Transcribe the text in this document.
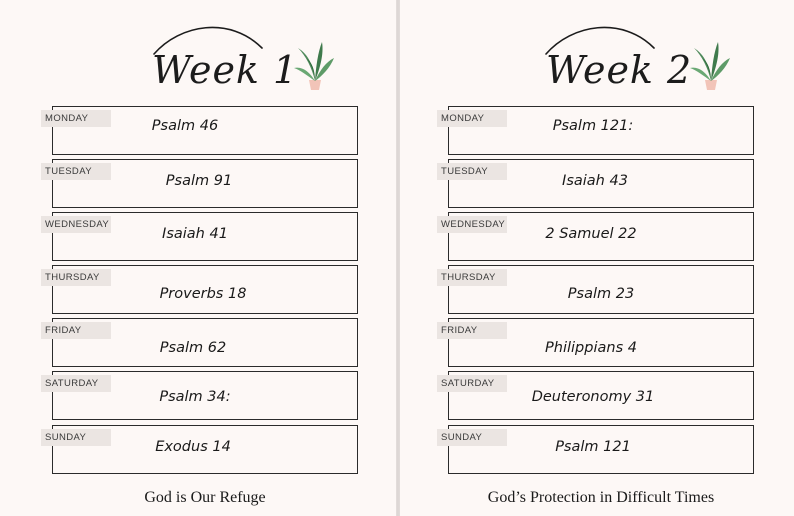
Week 1
MONDAY	Psalm 46
TUESDAY
Psalm 91
WEDNESDAY
Isaiah 41
THURSDAY
Proverbs 18
FRIDAY
Psalm 62
SATURDAY
Psalm 34:
SUNDAY
Exodus 14
God is Our Refuge
Week 2
MONDAY	Psalm 121:
TUESDAY
Isaiah 43
WEDNESDAY
2 Samuel 22
THURSDAY
Psalm 23
FRIDAY
Philippians 4
SATURDAY
Deuteronomy 31
SUNDAY
Psalm 121
God’s Protection in Difficult Times
